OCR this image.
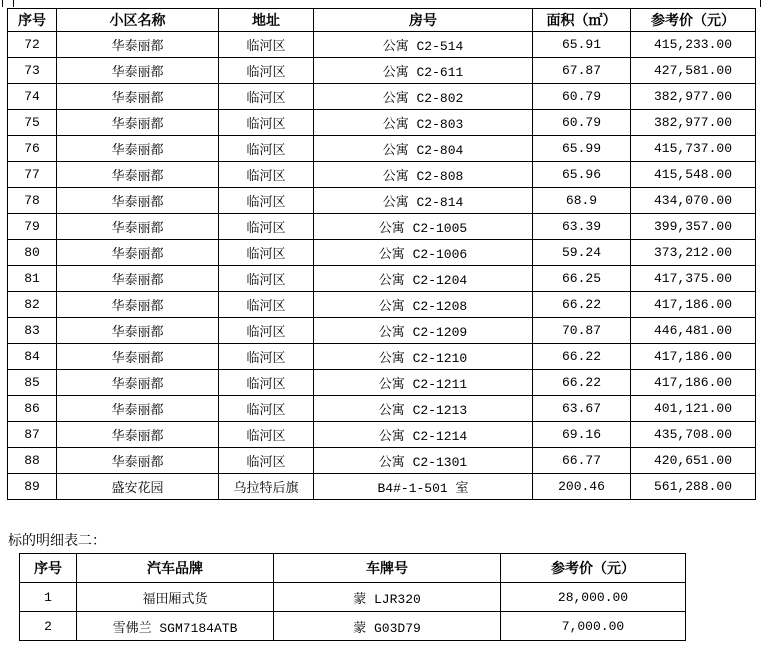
序号	小区名称	地址	房号	面积（㎡）	参考价（元）
72	华泰丽都	临河区	公寓 C2-514	65.91	415,233.00
73	华泰丽都	临河区	公寓 C2-611	67.87	427,581.00
74	华泰丽都	临河区	公寓 C2-802	60.79	382,977.00
75	华泰丽都	临河区	公寓 C2-803	60.79	382,977.00
76	华泰丽都	临河区	公寓 C2-804	65.99	415,737.00
77	华泰丽都	临河区	公寓 C2-808	65.96	415,548.00
78	华泰丽都	临河区	公寓 C2-814	68.9	434,070.00
79	华泰丽都	临河区	公寓 C2-1005	63.39	399,357.00
80	华泰丽都	临河区	公寓 C2-1006	59.24	373,212.00
81	华泰丽都	临河区	公寓 C2-1204	66.25	417,375.00
82	华泰丽都	临河区	公寓 C2-1208	66.22	417,186.00
83	华泰丽都	临河区	公寓 C2-1209	70.87	446,481.00
84	华泰丽都	临河区	公寓 C2-1210	66.22	417,186.00
85	华泰丽都	临河区	公寓 C2-1211	66.22	417,186.00
86	华泰丽都	临河区	公寓 C2-1213	63.67	401,121.00
87	华泰丽都	临河区	公寓 C2-1214	69.16	435,708.00
88	华泰丽都	临河区	公寓 C2-1301	66.77	420,651.00
89	盛安花园	乌拉特后旗	B4#-1-501 室	200.46	561,288.00
标的明细表二：
序号	汽车品牌	车牌号	参考价（元）
1	福田厢式货	蒙 LJR320	28,000.00
2	雪佛兰 SGM7184ATB	蒙 G03D79	7,000.00
